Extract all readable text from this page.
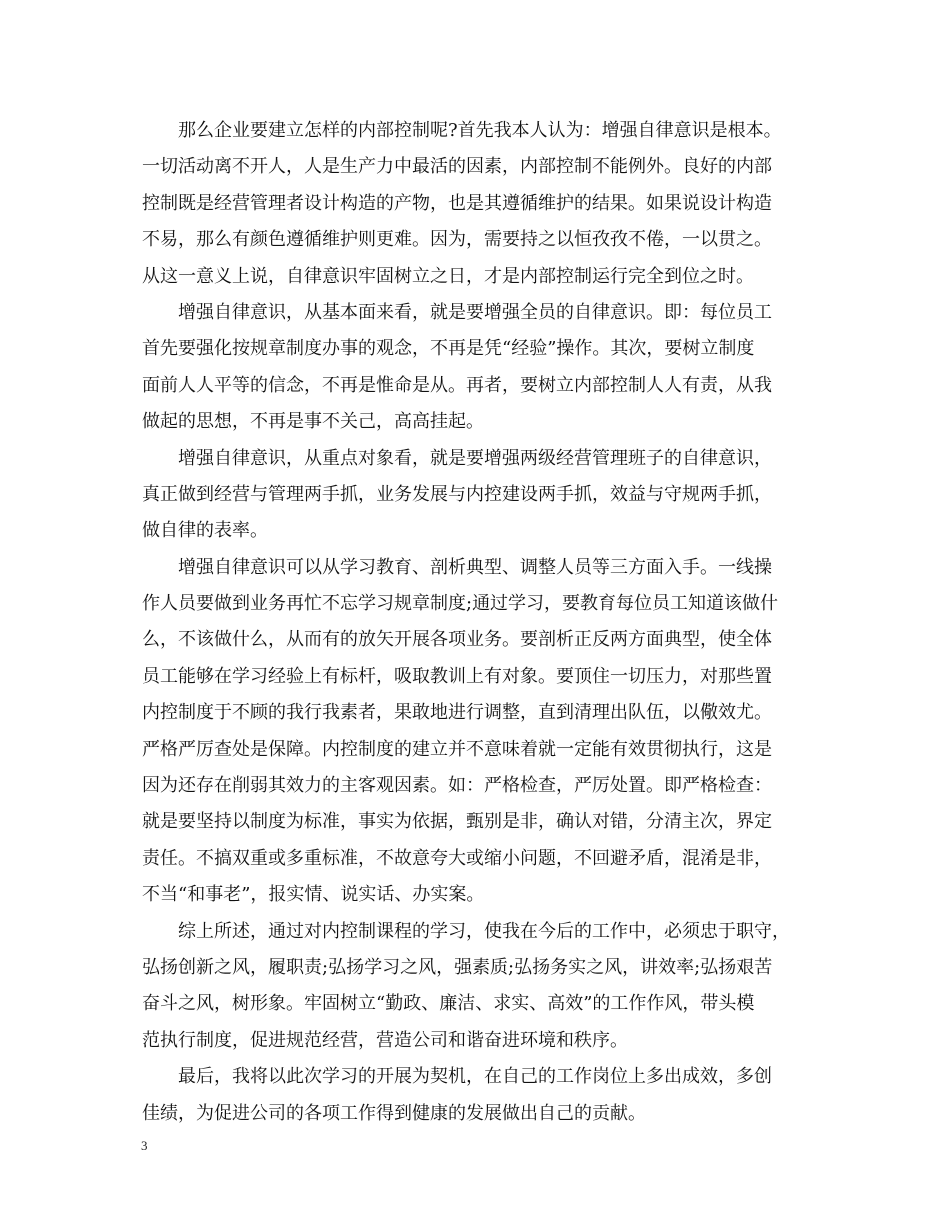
那么企业要建立怎样的内部控制呢?首先我本人认为：增强自律意识是根本。
一切活动离不开人，人是生产力中最活的因素，内部控制不能例外。良好的内部
控制既是经营管理者设计构造的产物，也是其遵循维护的结果。如果说设计构造
不易，那么有颜色遵循维护则更难。因为，需要持之以恒孜孜不倦，一以贯之。
从这一意义上说，自律意识牢固树立之日，才是内部控制运行完全到位之时。
增强自律意识，从基本面来看，就是要增强全员的自律意识。即：每位员工
首先要强化按规章制度办事的观念，不再是凭“经验”操作。其次，要树立制度
面前人人平等的信念，不再是惟命是从。再者，要树立内部控制人人有责，从我
做起的思想，不再是事不关己，高高挂起。
增强自律意识，从重点对象看，就是要增强两级经营管理班子的自律意识，
真正做到经营与管理两手抓，业务发展与内控建设两手抓，效益与守规两手抓，
做自律的表率。
增强自律意识可以从学习教育、剖析典型、调整人员等三方面入手。一线操
作人员要做到业务再忙不忘学习规章制度;通过学习，要教育每位员工知道该做什
么，不该做什么，从而有的放矢开展各项业务。要剖析正反两方面典型，使全体
员工能够在学习经验上有标杆，吸取教训上有对象。要顶住一切压力，对那些置
内控制度于不顾的我行我素者，果敢地进行调整，直到清理出队伍，以儆效尤。
严格严厉查处是保障。内控制度的建立并不意味着就一定能有效贯彻执行，这是
因为还存在削弱其效力的主客观因素。如：严格检查，严厉处置。即严格检查：
就是要坚持以制度为标准，事实为依据，甄别是非，确认对错，分清主次，界定
责任。不搞双重或多重标准，不故意夸大或缩小问题，不回避矛盾，混淆是非，
不当“和事老”，报实情、说实话、办实案。
综上所述，通过对内控制课程的学习，使我在今后的工作中，必须忠于职守，
弘扬创新之风，履职责;弘扬学习之风，强素质;弘扬务实之风，讲效率;弘扬艰苦
奋斗之风，树形象。牢固树立“勤政、廉洁、求实、高效”的工作作风，带头模
范执行制度，促进规范经营，营造公司和谐奋进环境和秩序。
最后，我将以此次学习的开展为契机，在自己的工作岗位上多出成效，多创
佳绩，为促进公司的各项工作得到健康的发展做出自己的贡献。
3
